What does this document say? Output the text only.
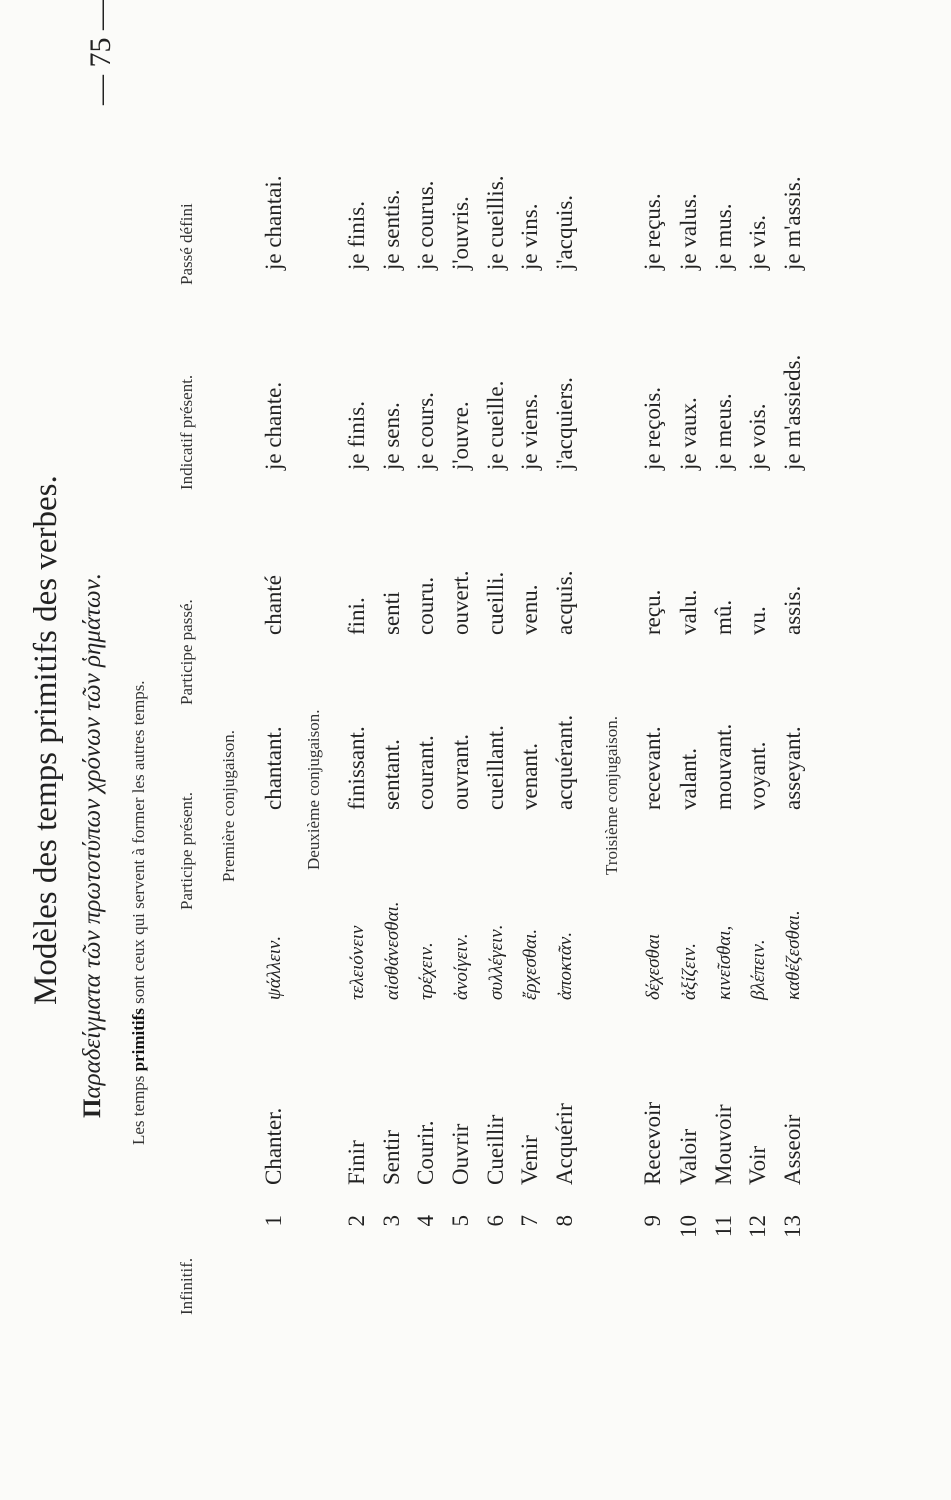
— 75 —
Modèles des temps primitifs des verbes.
Παραδείγματα τῶν πρωτοτύπων χρόνων τῶν ῥημάτων.
Les temps primitifs sont ceux qui servent à former les autres temps.
Infinitif.
Participe présent.
Participe passé.
Indicatif présent.
Passé défini
Première conjugaison.
1
Chanter.
ψάλλειν.
chantant.
chanté
je chante.
je chantai.
Deuxième conjugaison.
2
Finir
τελειόνειν
finissant.
fini.
je finis.
je finis.
3
Sentir
αἰσθάνεσθαι.
sentant.
senti
je sens.
je sentis.
4
Courir.
τρέχειν.
courant.
couru.
je cours.
je courus.
5
Ouvrir
ἀνοίγειν.
ouvrant.
ouvert.
j'ouvre.
j'ouvris.
6
Cueillir
συλλέγειν.
cueillant.
cueilli.
je cueille.
je cueillis.
7
Venir
ἔρχεσθαι.
venant.
venu.
je viens.
je vins.
8
Acquérir
ἀποκτᾶν.
acquérant.
acquis.
j'acquiers.
j'acquis.
Troisième conjugaison.
9
Recevoir
δέχεσθαι
recevant.
reçu.
je reçois.
je reçus.
10
Valoir
ἀξίζειν.
valant.
valu.
je vaux.
je valus.
11
Mouvoir
κινεῖσθαι,
mouvant.
mû.
je meus.
je mus.
12
Voir
βλέπειν.
voyant.
vu.
je vois.
je vis.
13
Asseoir
καθέζεσθαι.
asseyant.
assis.
je m'assieds.
je m'assis.
